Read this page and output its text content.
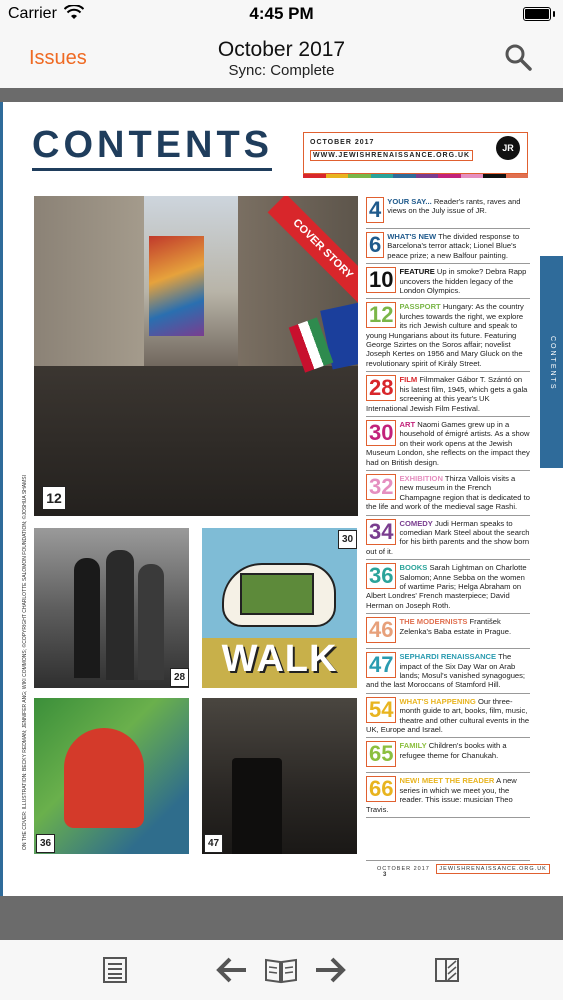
Carrier	4:45 PM
October 2017
Sync: Complete
Issues
CONTENTS	OCTOBER 2017
WWW.JEWISHRENAISSANCE.ORG.UK
JR
COVER STORY
12
28 WALK
30
36	47
ON THE COVER: ILLUSTRATION: BECKY REDMAN; JENNIFER ANG; WIKI COMMONS; ©COPYRIGHT CHARLOTTE SALOMON FOUNDATION; ©JOSHUA SHAMSI
4 YOUR SAY... Reader's rants, raves and views on the July issue of JR.
6 WHAT'S NEW The divided response to Barcelona's terror attack; Lionel Blue's peace prize; a new Balfour painting.
10 FEATURE Up in smoke? Debra Rapp uncovers the hidden legacy of the London Olympics.
12 PASSPORT Hungary: As the country lurches towards the right, we explore its rich Jewish culture and speak to young Hungarians about its future. Featuring George Szirtes on the Soros affair; novelist Joseph Kertes on 1956 and Mary Gluck on the revolutionary spirit of Király Street.
28 FILM Filmmaker Gábor T. Szántó on his latest film, 1945, which gets a gala screening at this year's UK International Jewish Film Festival.
30 ART Naomi Games grew up in a household of émigré artists. As a show on their work opens at the Jewish Museum London, she reflects on the impact they had on British design.
32 EXHIBITION Thirza Vallois visits a new museum in the French Champagne region that is dedicated to the life and work of the medieval sage Rashi.
34 COMEDY Judi Herman speaks to comedian Mark Steel about the search for his birth parents and the show born out of it.
36 BOOKS Sarah Lightman on Charlotte Salomon; Anne Sebba on the women of wartime Paris; Helga Abraham on Albert Londres' French masterpiece; David Herman on Joseph Roth.
46 THE MODERNISTS František Zelenka's Baba estate in Prague.
47 SEPHARDI RENAISSANCE The impact of the Six Day War on Arab lands; Mosul's vanished synagogues; and the last Moroccans of Stamford Hill.
54 WHAT'S HAPPENING Our three-month guide to art, books, film, music, theatre and other cultural events in the UK, Europe and Israel.
65 FAMILY Children's books with a refugee theme for Chanukah.
66 NEW! MEET THE READER A new series in which we meet you, the reader. This issue: musician Theo Travis.
OCTOBER 2017 JEWISHRENAISSANCE.ORG.UK 3
CONTENTS
